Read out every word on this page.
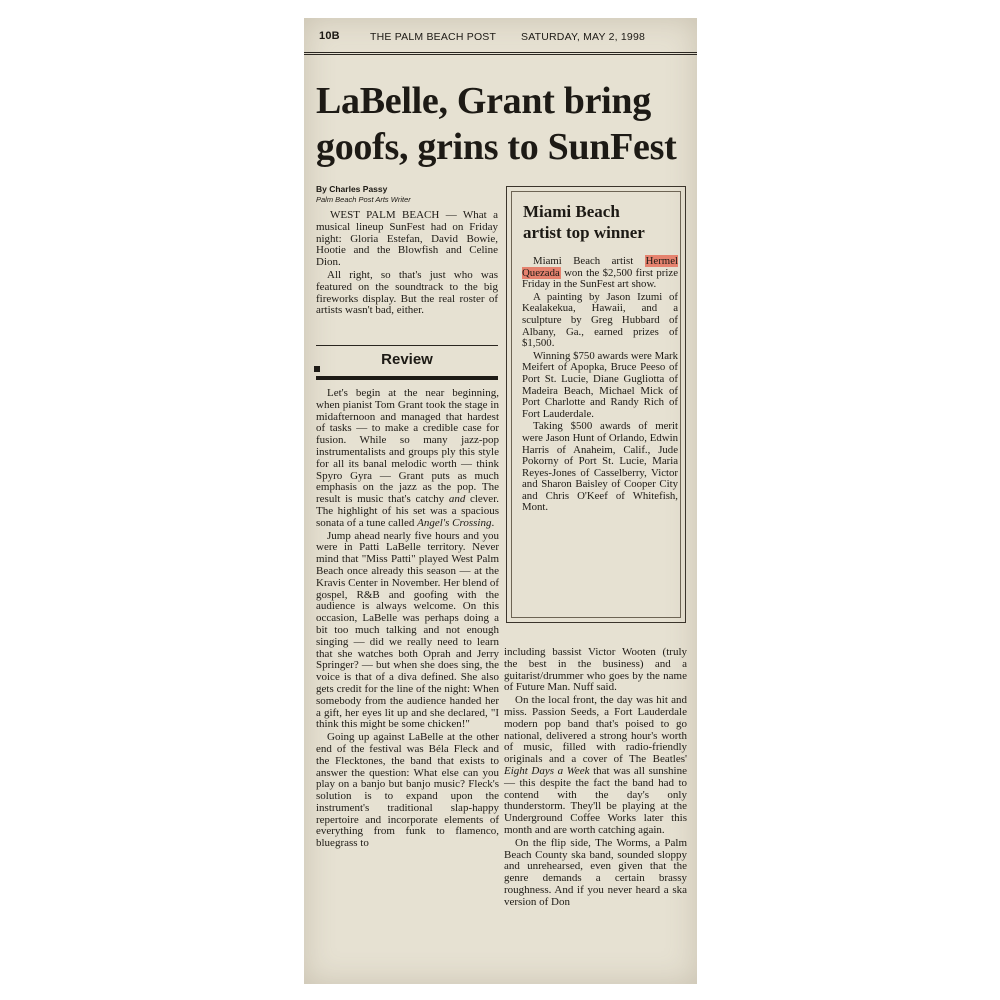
10B	THE PALM BEACH POST SATURDAY, MAY 2, 1998
LaBelle, Grant bring
goofs, grins to SunFest
By Charles Passy
Palm Beach Post Arts Writer

WEST PALM BEACH — What a musical lineup SunFest had on Friday night: Gloria Estefan, David Bowie, Hootie and the Blowfish and Celine Dion.

All right, so that's just who was featured on the soundtrack to the big fireworks display. But the real roster of artists wasn't bad, either.

Review

Let's begin at the near beginning, when pianist Tom Grant took the stage in midafternoon and managed that hardest of tasks — to make a credible case for fusion. While so many jazz-pop instrumentalists and groups ply this style for all its banal melodic worth — think Spyro Gyra — Grant puts as much emphasis on the jazz as the pop. The result is music that's catchy and clever. The highlight of his set was a spacious sonata of a tune called Angel's Crossing.

Jump ahead nearly five hours and you were in Patti LaBelle territory. Never mind that "Miss Patti" played West Palm Beach once already this season — at the Kravis Center in November. Her blend of gospel, R&B and goofing with the audience is always welcome. On this occasion, LaBelle was perhaps doing a bit too much talking and not enough singing — did we really need to learn that she watches both Oprah and Jerry Springer? — but when she does sing, the voice is that of a diva defined. She also gets credit for the line of the night: When somebody from the audience handed her a gift, her eyes lit up and she declared, "I think this might be some chicken!"

Going up against LaBelle at the other end of the festival was Béla Fleck and the Flecktones, the band that exists to answer the question: What else can you play on a banjo but banjo music? Fleck's solution is to expand upon the instrument's traditional slap-happy repertoire and incorporate elements of everything from funk to flamenco, bluegrass to

Miami Beach
artist top winner

Miami Beach artist Hermel Quezada won the $2,500 first prize Friday in the SunFest art show.

A painting by Jason Izumi of Kealakekua, Hawaii, and a sculpture by Greg Hubbard of Albany, Ga., earned prizes of $1,500.

Winning $750 awards were Mark Meifert of Apopka, Bruce Peeso of Port St. Lucie, Diane Gugliotta of Madeira Beach, Michael Mick of Port Charlotte and Randy Rich of Fort Lauderdale.

Taking $500 awards of merit were Jason Hunt of Orlando, Edwin Harris of Anaheim, Calif., Jude Pokorny of Port St. Lucie, Maria Reyes-Jones of Casselberry, Victor and Sharon Baisley of Cooper City and Chris O'Keef of Whitefish, Mont.

including bassist Victor Wooten (truly the best in the business) and a guitarist/drummer who goes by the name of Future Man. Nuff said.

On the local front, the day was hit and miss. Passion Seeds, a Fort Lauderdale modern pop band that's poised to go national, delivered a strong hour's worth of music, filled with radio-friendly originals and a cover of The Beatles' Eight Days a Week that was all sunshine — this despite the fact the band had to contend with the day's only thunderstorm. They'll be playing at the Underground Coffee Works later this month and are worth catching again.

On the flip side, The Worms, a Palm Beach County ska band, sounded sloppy and unrehearsed, even given that the genre demands a certain brassy roughness. And if you never heard a ska version of Don
